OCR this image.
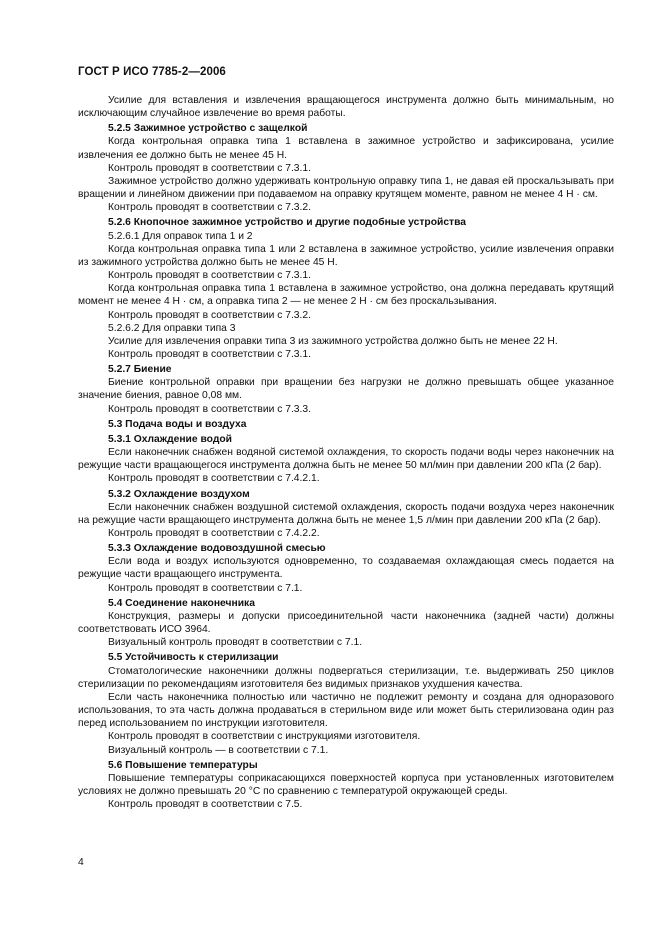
ГОСТ Р ИСО 7785-2—2006
Усилие для вставления и извлечения вращающегося инструмента должно быть минимальным, но исключающим случайное извлечение во время работы.
5.2.5 Зажимное устройство с защелкой
Когда контрольная оправка типа 1 вставлена в зажимное устройство и зафиксирована, усилие извлечения ее должно быть не менее 45 Н.
Контроль проводят в соответствии с 7.3.1.
Зажимное устройство должно удерживать контрольную оправку типа 1, не давая ей проскальзывать при вращении и линейном движении при подаваемом на оправку крутящем моменте, равном не менее 4 Н · см.
Контроль проводят в соответствии с 7.3.2.
5.2.6 Кнопочное зажимное устройство и другие подобные устройства
5.2.6.1 Для оправок типа 1 и 2
Когда контрольная оправка типа 1 или 2 вставлена в зажимное устройство, усилие извлечения оправки из зажимного устройства должно быть не менее 45 Н.
Контроль проводят в соответствии с 7.3.1.
Когда контрольная оправка типа 1 вставлена в зажимное устройство, она должна передавать крутящий момент не менее 4 Н · см, а оправка типа 2 — не менее 2 Н · см без проскальзывания.
Контроль проводят в соответствии с 7.3.2.
5.2.6.2 Для оправки типа 3
Усилие для извлечения оправки типа 3 из зажимного устройства должно быть не менее 22 Н.
Контроль проводят в соответствии с 7.3.1.
5.2.7 Биение
Биение контрольной оправки при вращении без нагрузки не должно превышать общее указанное значение биения, равное 0,08 мм.
Контроль проводят в соответствии с 7.3.3.
5.3 Подача воды и воздуха
5.3.1 Охлаждение водой
Если наконечник снабжен водяной системой охлаждения, то скорость подачи воды через наконечник на режущие части вращающегося инструмента должна быть не менее 50 мл/мин при давлении 200 кПа (2 бар).
Контроль проводят в соответствии с 7.4.2.1.
5.3.2 Охлаждение воздухом
Если наконечник снабжен воздушной системой охлаждения, скорость подачи воздуха через наконечник на режущие части вращающего инструмента должна быть не менее 1,5 л/мин при давлении 200 кПа (2 бар).
Контроль проводят в соответствии с 7.4.2.2.
5.3.3 Охлаждение водовоздушной смесью
Если вода и воздух используются одновременно, то создаваемая охлаждающая смесь подается на режущие части вращающего инструмента.
Контроль проводят в соответствии с 7.1.
5.4 Соединение наконечника
Конструкция, размеры и допуски присоединительной части наконечника (задней части) должны соответствовать ИСО 3964.
Визуальный контроль проводят в соответствии с 7.1.
5.5 Устойчивость к стерилизации
Стоматологические наконечники должны подвергаться стерилизации, т.е. выдерживать 250 циклов стерилизации по рекомендациям изготовителя без видимых признаков ухудшения качества.
Если часть наконечника полностью или частично не подлежит ремонту и создана для одноразового использования, то эта часть должна продаваться в стерильном виде или может быть стерилизована один раз перед использованием по инструкции изготовителя.
Контроль проводят в соответствии с инструкциями изготовителя.
Визуальный контроль — в соответствии с 7.1.
5.6 Повышение температуры
Повышение температуры соприкасающихся поверхностей корпуса при установленных изготовителем условиях не должно превышать 20 °С по сравнению с температурой окружающей среды.
Контроль проводят в соответствии с 7.5.
4
